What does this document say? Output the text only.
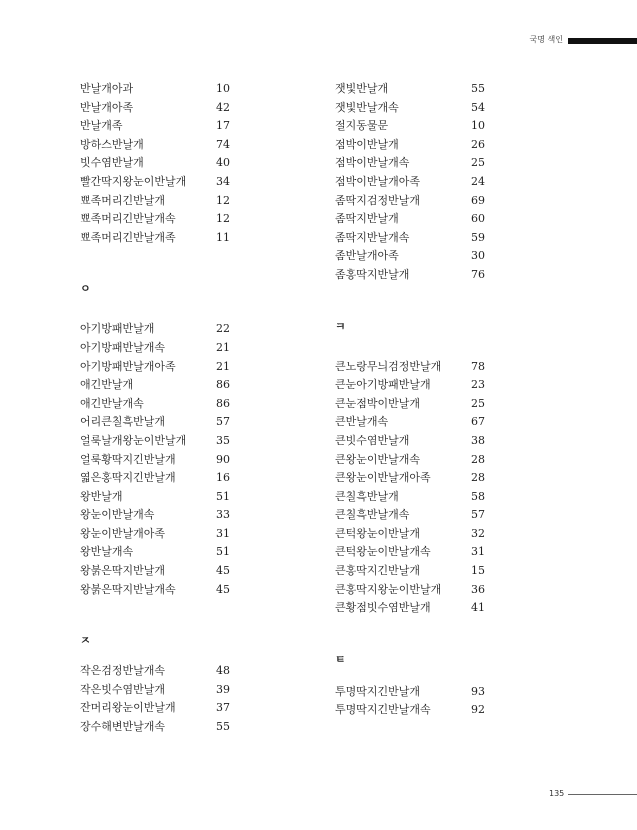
국명 색인
반날개아과	10
반날개아족	42
반날개족	17
방하스반날개	74
빗수염반날개	40
빨간딱지왕눈이반날개	34
뾰족머리긴반날개	12
뾰족머리긴반날개속	12
뾰족머리긴반날개족	11
ㅇ
아기방패반날개	22
아기방패반날개속	21
아기방패반날개아족	21
애긴반날개	86
애긴반날개속	86
어리큰칠흑반날개	57
얼룩날개왕눈이반날개	35
얼룩황딱지긴반날개	90
엷은홍딱지긴반날개	16
왕반날개	51
왕눈이반날개속	33
왕눈이반날개아족	31
왕반날개속	51
왕붉은딱지반날개	45
왕붉은딱지반날개속	45
ㅈ
작은검정반날개속	48
작은빗수염반날개	39
잔머리왕눈이반날개	37
장수해변반날개속	55
잿빛반날개	55
잿빛반날개속	54
절지동물문	10
점박이반날개	26
점박이반날개속	25
점박이반날개아족	24
좀딱지검정반날개	69
좀딱지반날개	60
좀딱지반날개속	59
좀반날개아족	30
좀홍딱지반날개	76
ㅋ
큰노랑무늬검정반날개	78
큰눈아기방패반날개	23
큰눈점박이반날개	25
큰반날개속	67
큰빗수염반날개	38
큰왕눈이반날개속	28
큰왕눈이반날개아족	28
큰칠흑반날개	58
큰칠흑반날개속	57
큰턱왕눈이반날개	32
큰턱왕눈이반날개속	31
큰홍딱지긴반날개	15
큰홍딱지왕눈이반날개	36
큰황점빗수염반날개	41
ㅌ
투명딱지긴반날개	93
투명딱지긴반날개속	92
135
